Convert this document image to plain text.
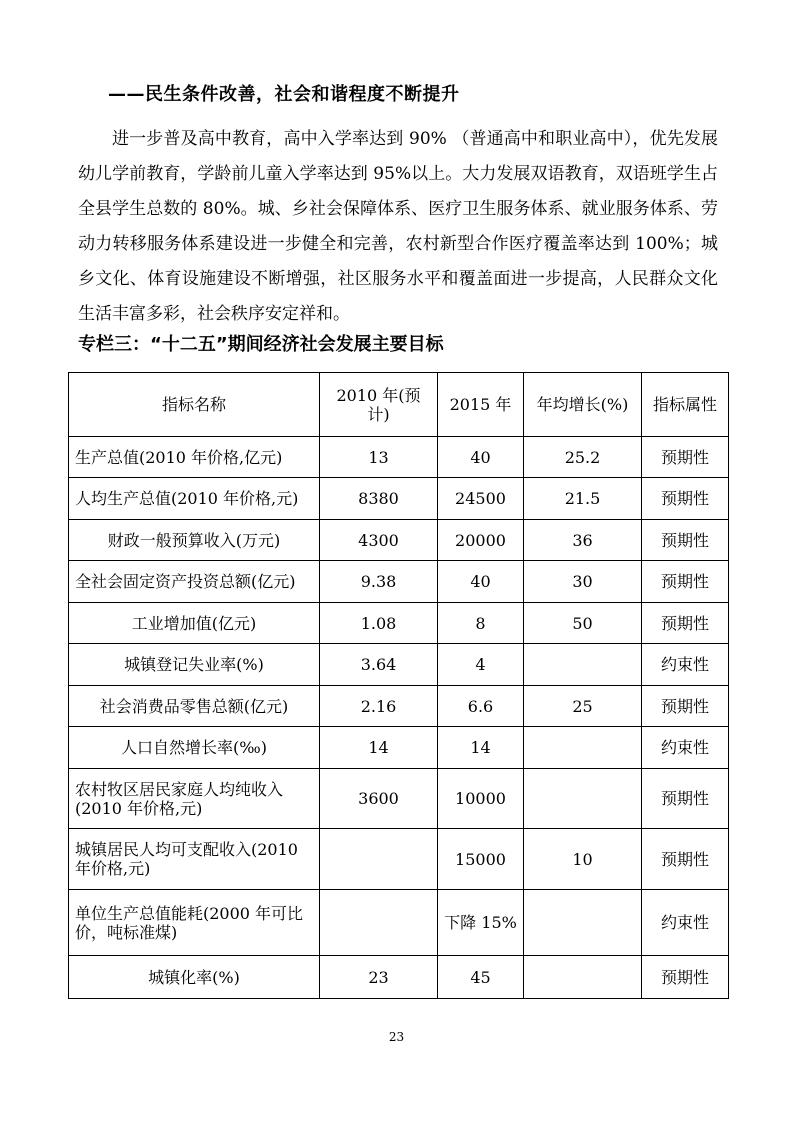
——民生条件改善，社会和谐程度不断提升

进一步普及高中教育，高中入学率达到 90% （普通高中和职业高中），优先发展幼儿学前教育，学龄前儿童入学率达到 95%以上。大力发展双语教育，双语班学生占全县学生总数的 80%。城、乡社会保障体系、医疗卫生服务体系、就业服务体系、劳动力转移服务体系建设进一步健全和完善，农村新型合作医疗覆盖率达到 100%；城乡文化、体育设施建设不断增强，社区服务水平和覆盖面进一步提高，人民群众文化生活丰富多彩，社会秩序安定祥和。

专栏三：“十二五”期间经济社会发展主要目标
指标名称	2010 年(预计)	2015 年	年均增长(%)	指标属性
生产总值(2010 年价格,亿元)	13	40	25.2	预期性
人均生产总值(2010 年价格,元)	8380	24500	21.5	预期性
财政一般预算收入(万元)	4300	20000	36	预期性
全社会固定资产投资总额(亿元)	9.38	40	30	预期性
工业增加值(亿元)	1.08	8	50	预期性
城镇登记失业率(%)	3.64	4		约束性
社会消费品零售总额(亿元)	2.16	6.6	25	预期性
人口自然增长率(‰)	14	14		约束性
农村牧区居民家庭人均纯收入(2010 年价格,元)	3600	10000		预期性
城镇居民人均可支配收入(2010 年价格,元)		15000	10	预期性
单位生产总值能耗(2000 年可比价，吨标准煤)		下降 15%		约束性
城镇化率(%)	23	45		预期性
23
